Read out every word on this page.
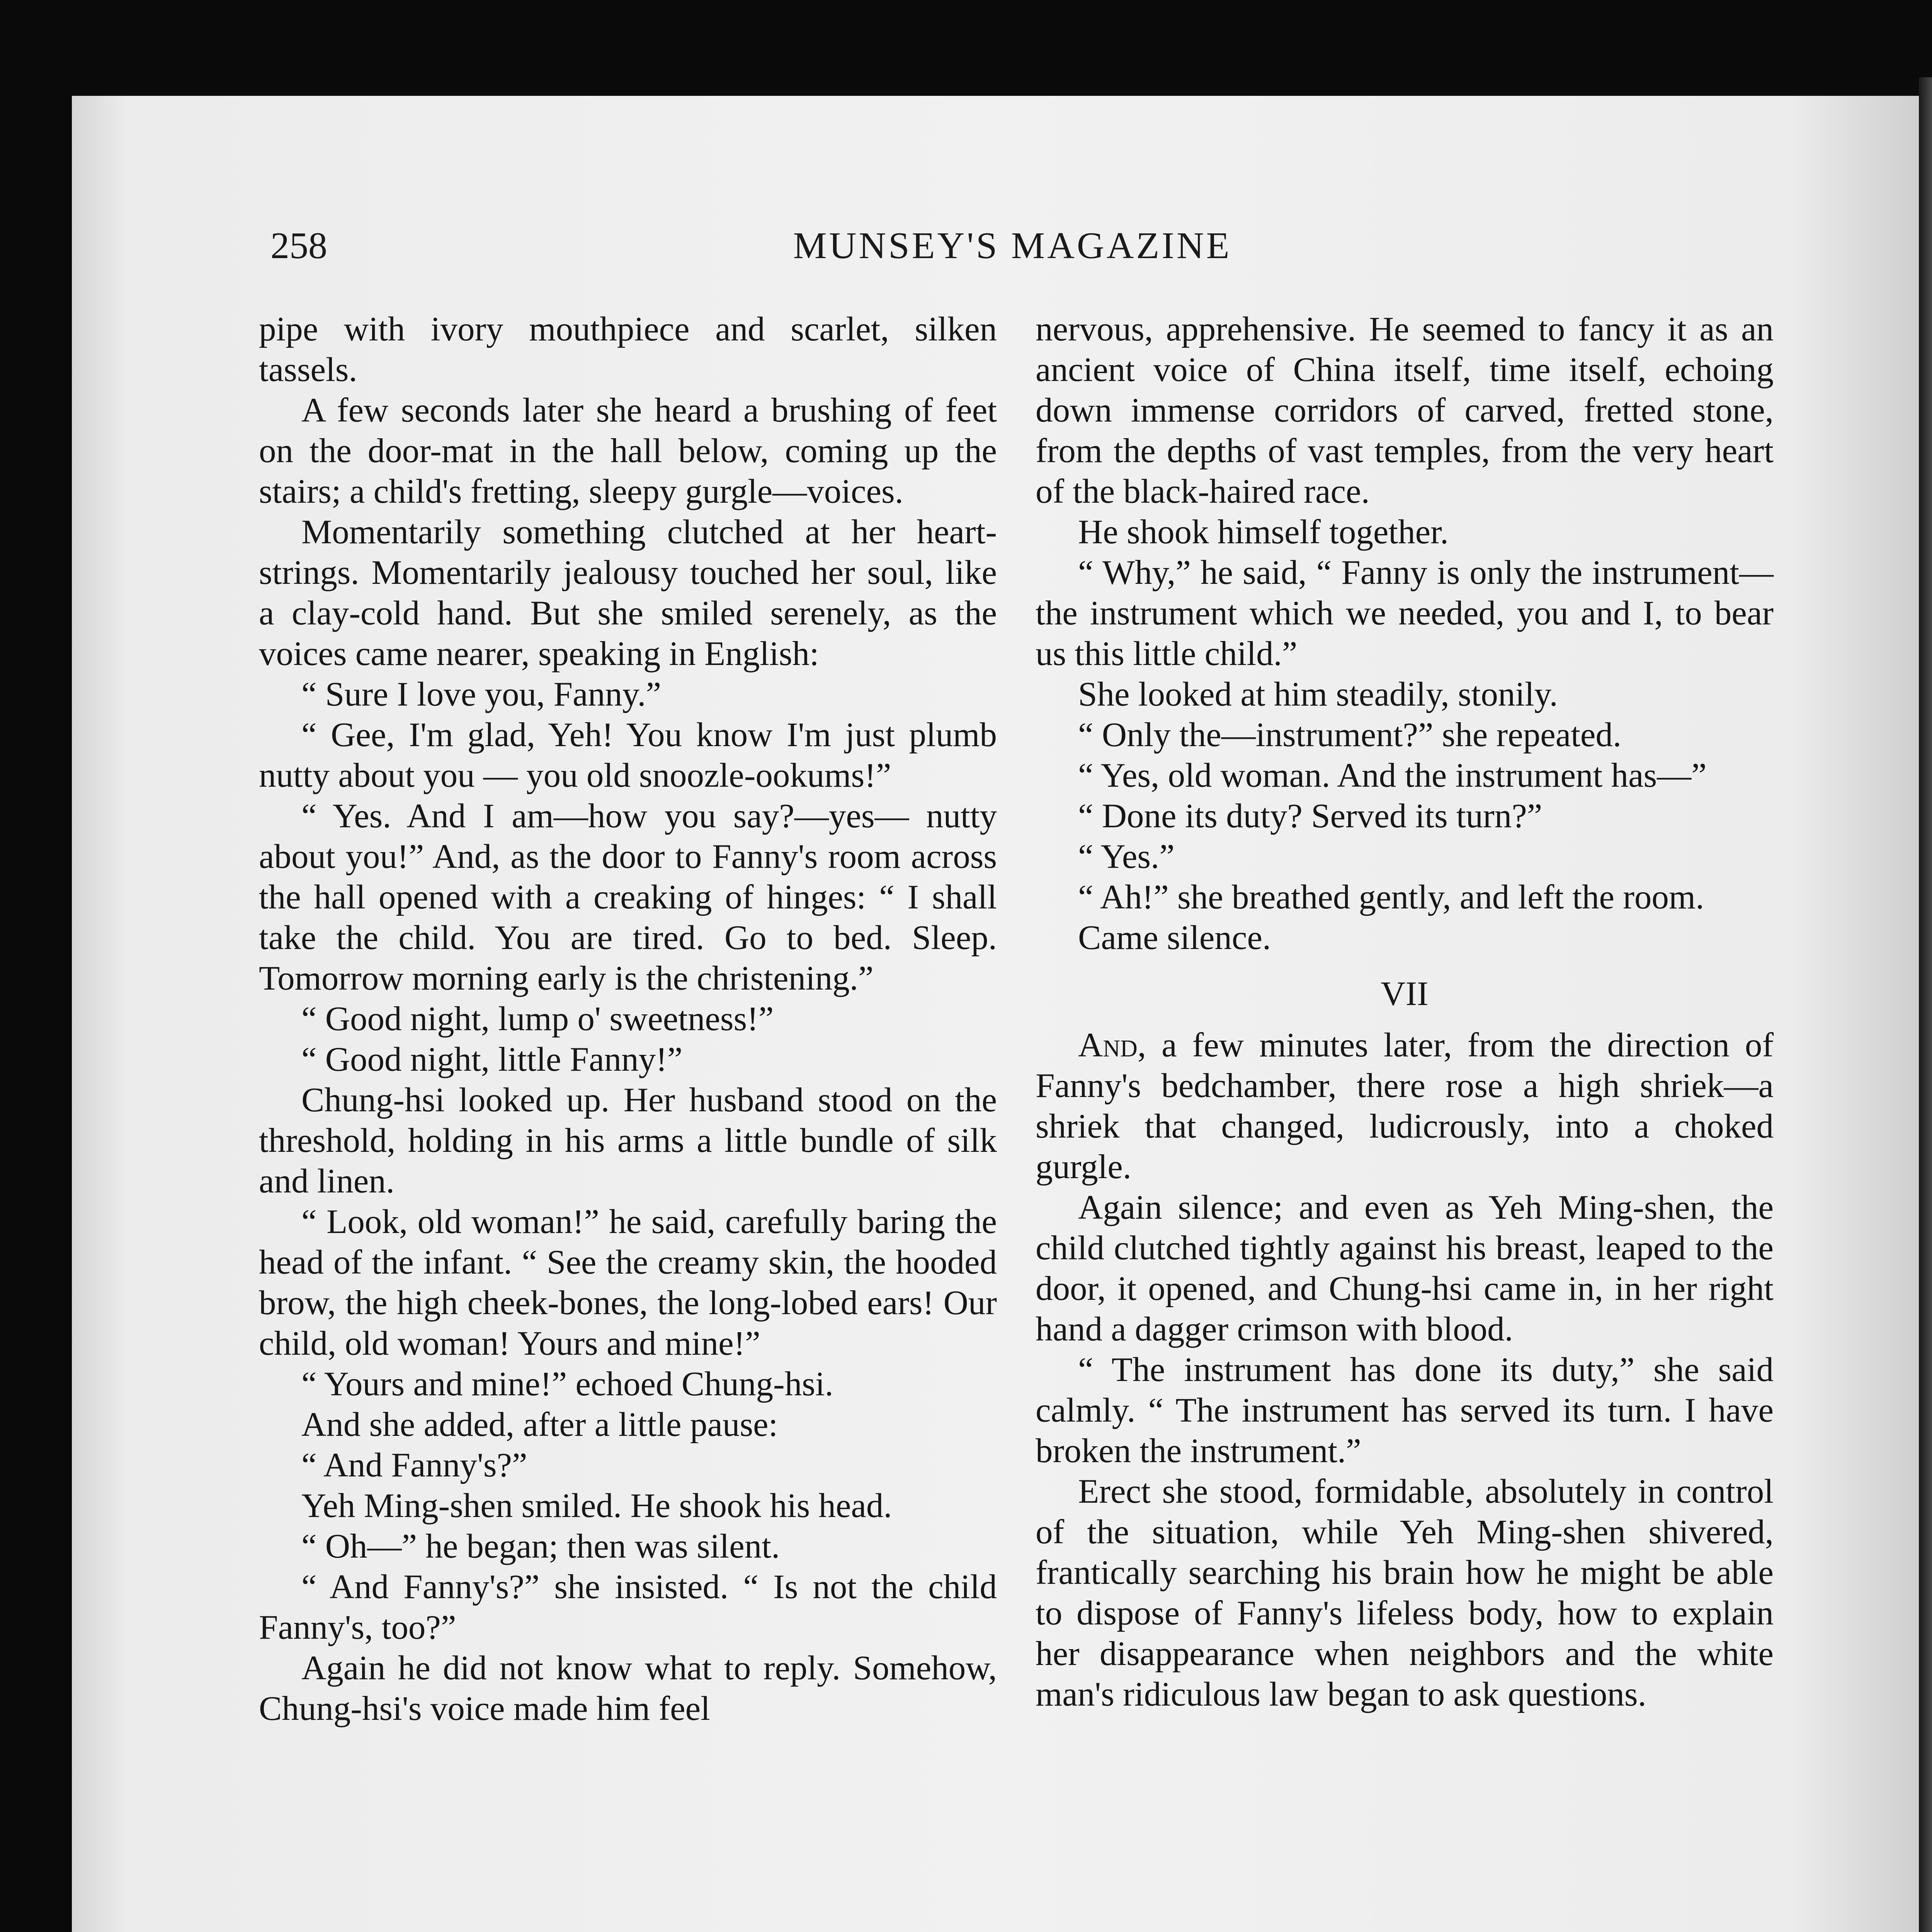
258	MUNSEY'S MAGAZINE

pipe with ivory mouthpiece and scarlet, silken tassels.

A few seconds later she heard a brushing of feet on the door-mat in the hall below, coming up the stairs; a child's fretting, sleepy gurgle—voices.

Momentarily something clutched at her heart-strings. Momentarily jealousy touched her soul, like a clay-cold hand. But she smiled serenely, as the voices came nearer, speaking in English:

“ Sure I love you, Fanny.”

“ Gee, I'm glad, Yeh! You know I'm just plumb nutty about you — you old snoozle-ookums!”

“ Yes. And I am—how you say?—yes— nutty about you!” And, as the door to Fanny's room across the hall opened with a creaking of hinges: “ I shall take the child. You are tired. Go to bed. Sleep. Tomorrow morning early is the christening.”

“ Good night, lump o' sweetness!”

“ Good night, little Fanny!”

Chung-hsi looked up. Her husband stood on the threshold, holding in his arms a little bundle of silk and linen.

“ Look, old woman!” he said, carefully baring the head of the infant. “ See the creamy skin, the hooded brow, the high cheek-bones, the long-lobed ears! Our child, old woman! Yours and mine!”

“ Yours and mine!” echoed Chung-hsi.

And she added, after a little pause:

“ And Fanny's?”

Yeh Ming-shen smiled. He shook his head.

“ Oh—” he began; then was silent.

“ And Fanny's?” she insisted. “ Is not the child Fanny's, too?”

Again he did not know what to reply. Somehow, Chung-hsi's voice made him feel

nervous, apprehensive. He seemed to fancy it as an ancient voice of China itself, time itself, echoing down immense corridors of carved, fretted stone, from the depths of vast temples, from the very heart of the black-haired race.

He shook himself together.

“ Why,” he said, “ Fanny is only the instrument—the instrument which we needed, you and I, to bear us this little child.”

She looked at him steadily, stonily.

“ Only the—instrument?” she repeated.

“ Yes, old woman. And the instrument has—”

“ Done its duty? Served its turn?”

“ Yes.”

“ Ah!” she breathed gently, and left the room.

Came silence.

VII

And, a few minutes later, from the direction of Fanny's bedchamber, there rose a high shriek—a shriek that changed, ludicrously, into a choked gurgle.

Again silence; and even as Yeh Ming-shen, the child clutched tightly against his breast, leaped to the door, it opened, and Chung-hsi came in, in her right hand a dagger crimson with blood.

“ The instrument has done its duty,” she said calmly. “ The instrument has served its turn. I have broken the instrument.”

Erect she stood, formidable, absolutely in control of the situation, while Yeh Ming-shen shivered, frantically searching his brain how he might be able to dispose of Fanny's lifeless body, how to explain her disappearance when neighbors and the white man's ridiculous law began to ask questions.
